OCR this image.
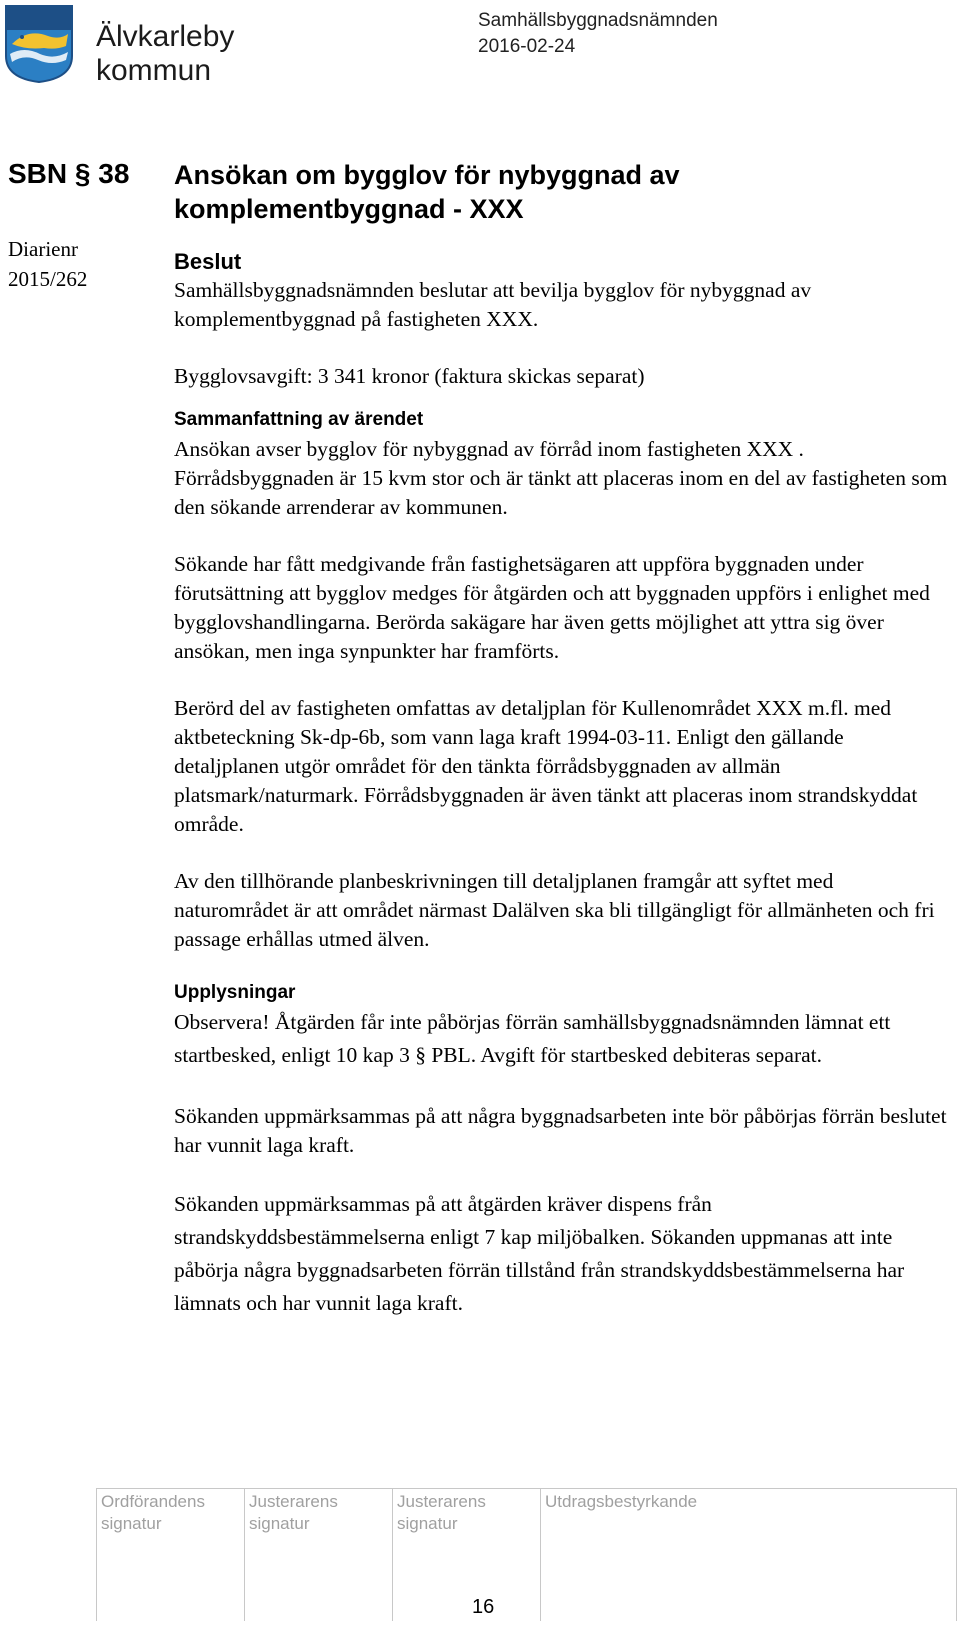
Älvkarleby
kommun
Samhällsbyggnadsnämnden
2016-02-24
SBN § 38
Diarienr
2015/262
Ansökan om bygglov för nybyggnad av komplementbyggnad - XXX
Beslut

Samhällsbyggnadsnämnden beslutar att bevilja bygglov för nybyggnad av komplementbyggnad på fastigheten XXX.

Bygglovsavgift: 3 341 kronor (faktura skickas separat)

Sammanfattning av ärendet

Ansökan avser bygglov för nybyggnad av förråd inom fastigheten XXX . Förrådsbyggnaden är 15 kvm stor och är tänkt att placeras inom en del av fastigheten som den sökande arrenderar av kommunen.

Sökande har fått medgivande från fastighetsägaren att uppföra byggnaden under förutsättning att bygglov medges för åtgärden och att byggnaden uppförs i enlighet med bygglovshandlingarna. Berörda sakägare har även getts möjlighet att yttra sig över ansökan, men inga synpunkter har framförts.

Berörd del av fastigheten omfattas av detaljplan för Kullenområdet XXX m.fl. med aktbeteckning Sk-dp-6b, som vann laga kraft 1994-03-11. Enligt den gällande detaljplanen utgör området för den tänkta förrådsbyggnaden av allmän platsmark/naturmark. Förrådsbyggnaden är även tänkt att placeras inom strandskyddat område.

Av den tillhörande planbeskrivningen till detaljplanen framgår att syftet med naturområdet är att området närmast Dalälven ska bli tillgängligt för allmänheten och fri passage erhållas utmed älven.

Upplysningar

Observera! Åtgärden får inte påbörjas förrän samhällsbyggnadsnämnden lämnat ett startbesked, enligt 10 kap 3 § PBL. Avgift för startbesked debiteras separat.

Sökanden uppmärksammas på att några byggnadsarbeten inte bör påbörjas förrän beslutet har vunnit laga kraft.

Sökanden uppmärksammas på att åtgärden kräver dispens från strandskyddsbestämmelserna enligt 7 kap miljöbalken. Sökanden uppmanas att inte påbörja några byggnadsarbeten förrän tillstånd från strandskyddsbestämmelserna har lämnats och har vunnit laga kraft.

Ordförandens
signatur
Justerarens
signatur
Justerarens
signatur
Utdragsbestyrkande
16
